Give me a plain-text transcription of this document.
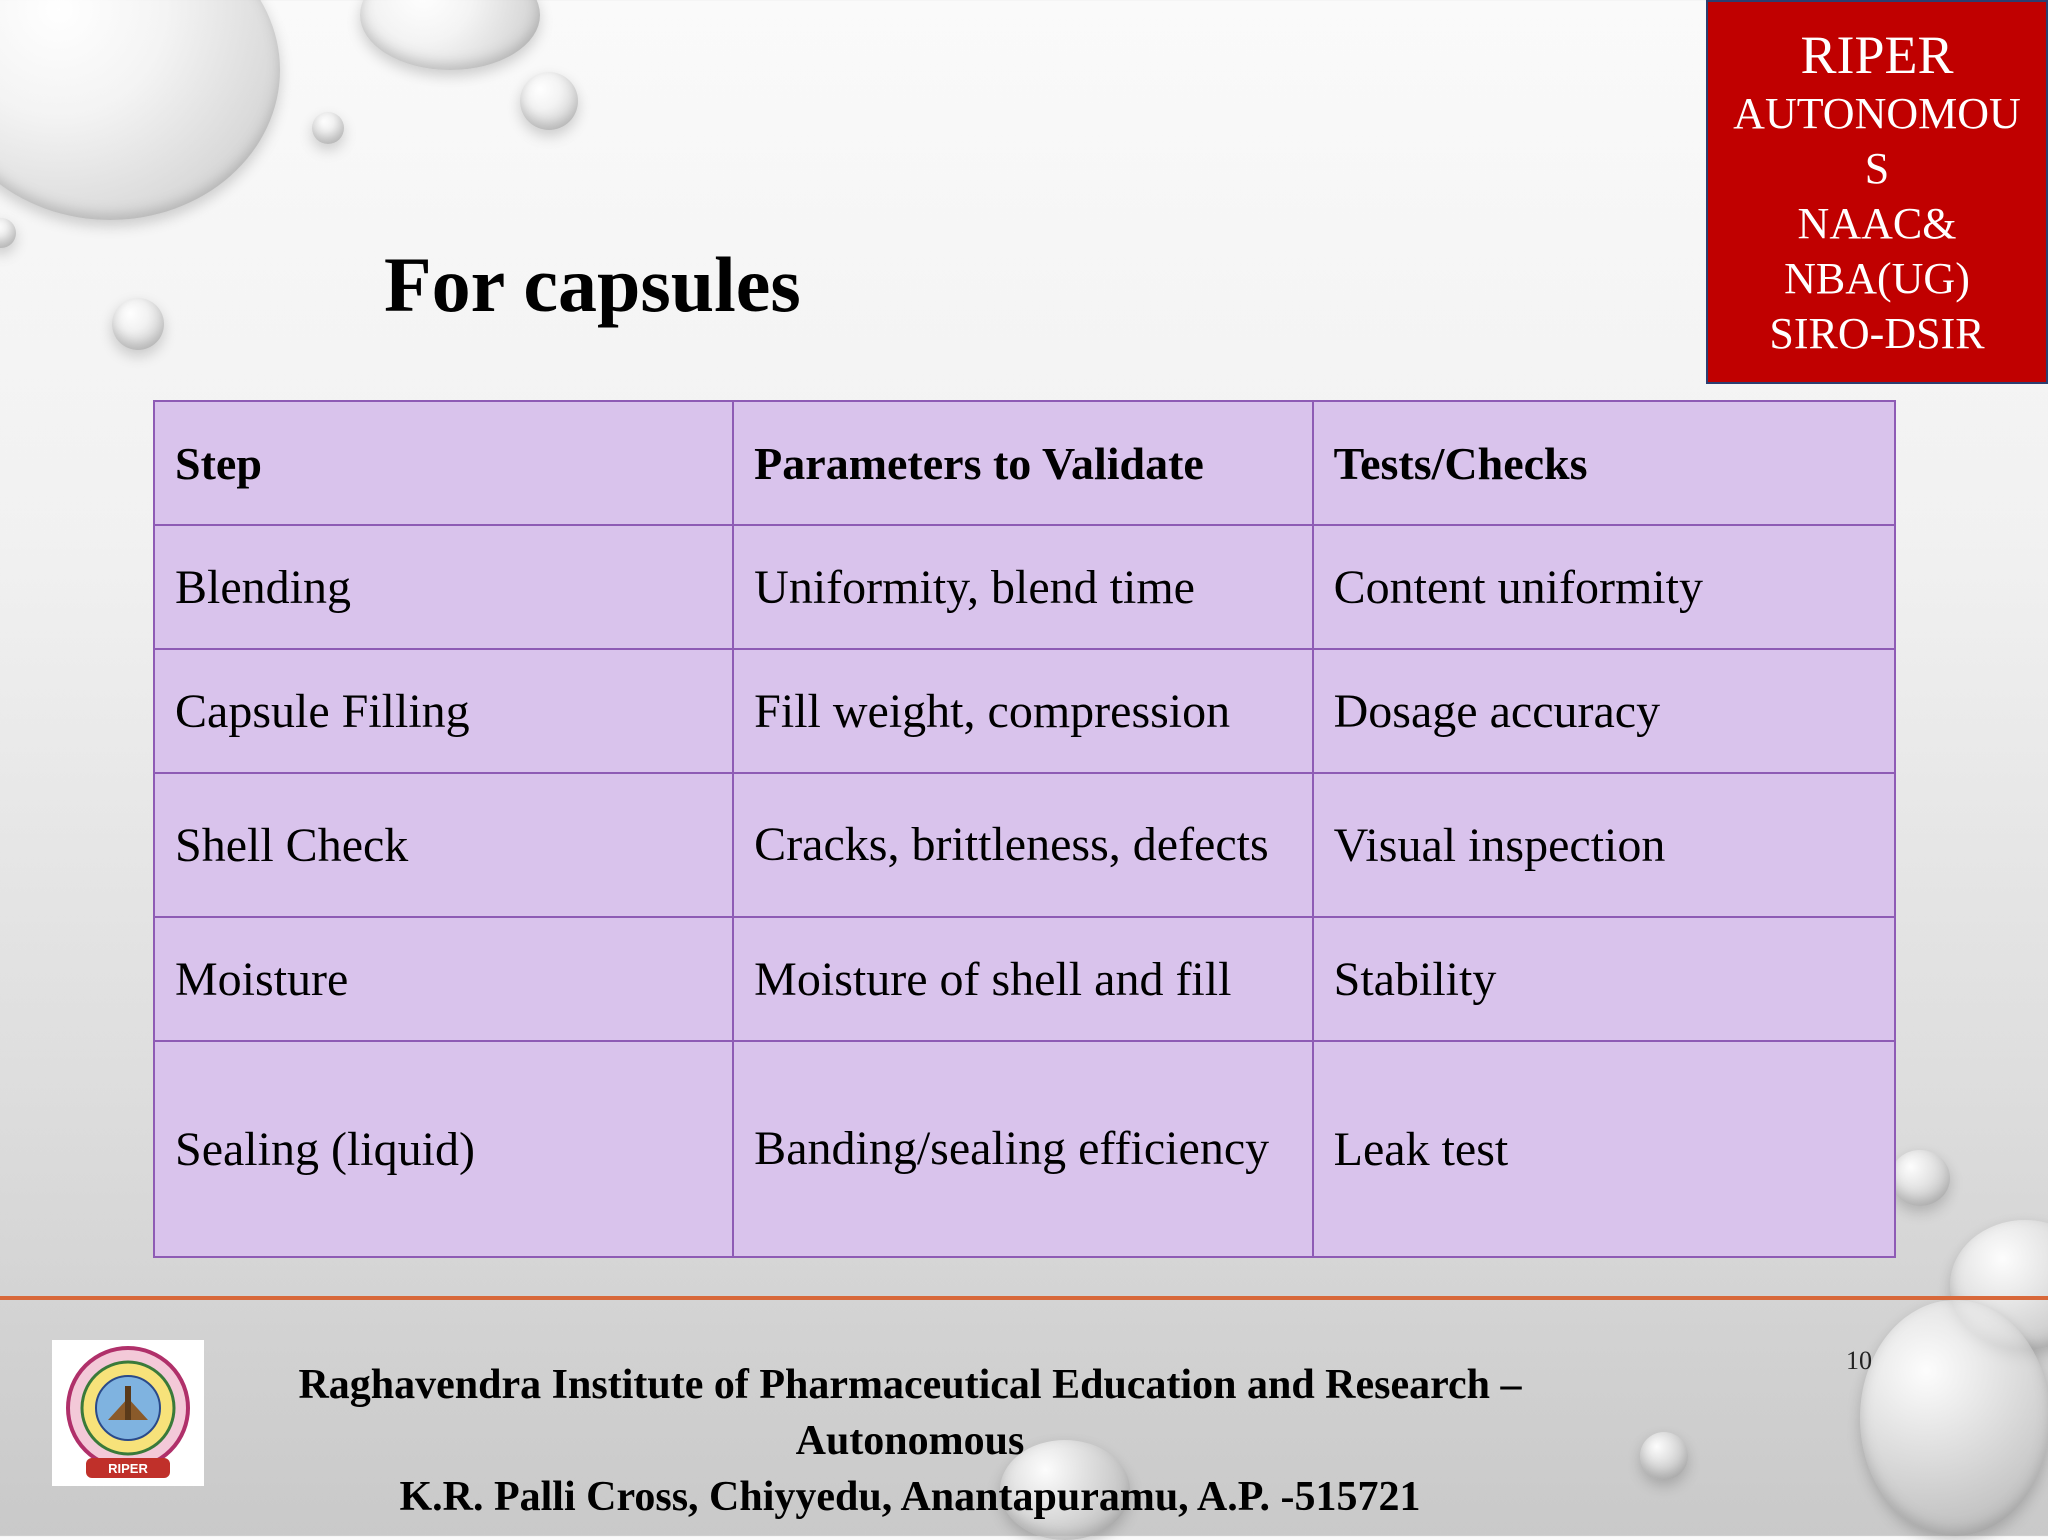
RIPER
AUTONOMOU
S
NAAC&
NBA(UG)
SIRO-DSIR
For capsules
Step	Parameters to Validate	Tests/Checks
Blending	Uniformity, blend time	Content uniformity
Capsule Filling	Fill weight, compression	Dosage accuracy
Shell Check	Cracks, brittleness, defects	Visual inspection
Moisture	Moisture of shell and fill	Stability
Sealing (liquid)	Banding/sealing efficiency	Leak test
RIPER
Raghavendra Institute of Pharmaceutical Education and Research – Autonomous
K.R. Palli Cross, Chiyyedu, Anantapuramu, A.P. -515721
10
